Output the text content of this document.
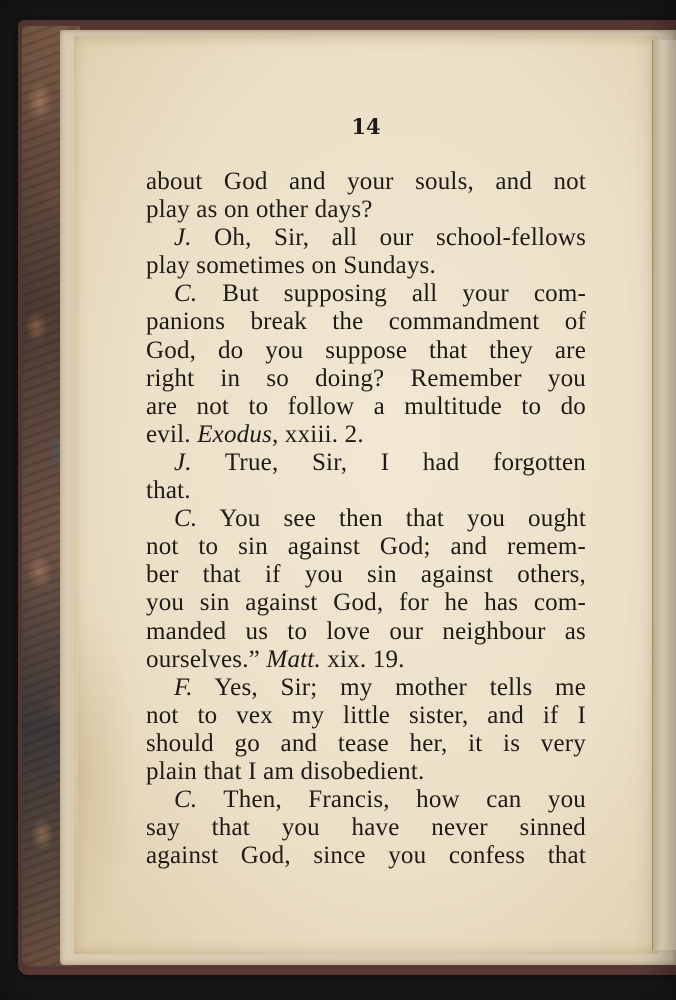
14
about God and your souls, and not
play as on other days?
J. Oh, Sir, all our school-fellows
play sometimes on Sundays.
C. But supposing all your com-
panions break the commandment of
God, do you suppose that they are
right in so doing? Remember you
are not to follow a multitude to do
evil. Exodus, xxiii. 2.
J. True, Sir, I had forgotten
that.
C. You see then that you ought
not to sin against God; and remem-
ber that if you sin against others,
you sin against God, for he has com-
manded us to love our neighbour as
ourselves.” Matt. xix. 19.
F. Yes, Sir; my mother tells me
not to vex my little sister, and if I
should go and tease her, it is very
plain that I am disobedient.
C. Then, Francis, how can you
say that you have never sinned
against God, since you confess that
